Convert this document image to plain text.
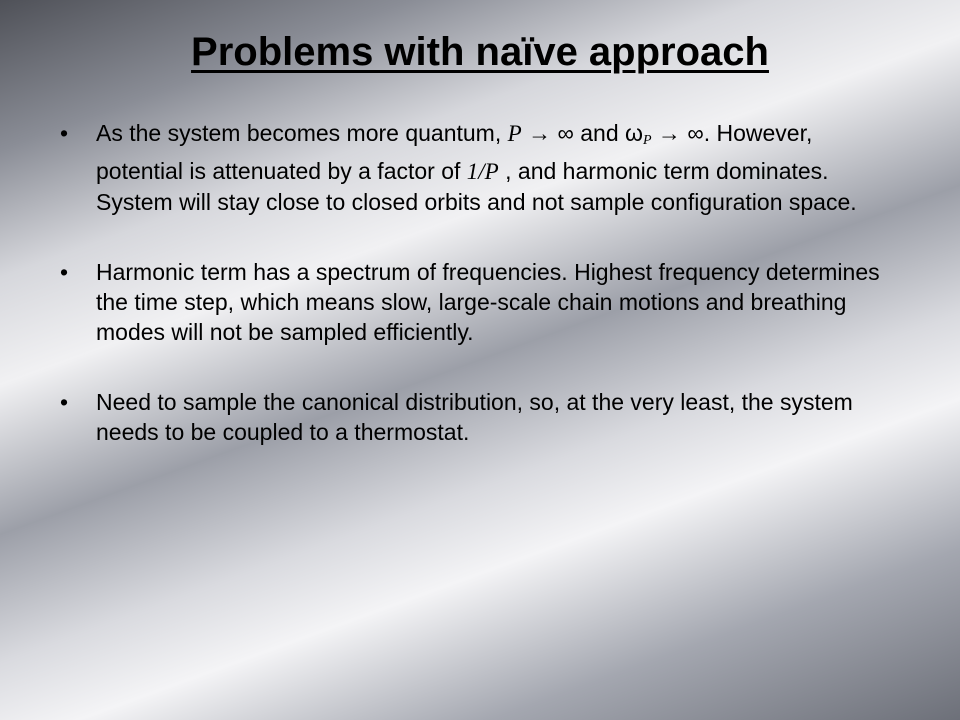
Problems with naïve approach
• As the system becomes more quantum, P → ∞ and $\omega_P$ → ∞. However, potential is attenuated by a factor of 1/P , and harmonic term dominates. System will stay close to closed orbits and not sample configuration space.
• Harmonic term has a spectrum of frequencies. Highest frequency determines the time step, which means slow, large-scale chain motions and breathing modes will not be sampled efficiently.
• Need to sample the canonical distribution, so, at the very least, the system needs to be coupled to a thermostat.
